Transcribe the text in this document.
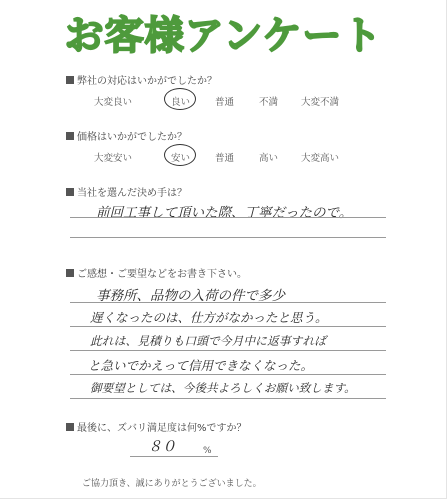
お客様アンケート
弊社の対応はいかがでしたか？
大変良い	良い	普通	不満 大変不満
価格はいかがでしたか？
大変安い	安い	普通	高い 大変高い
当社を選んだ決め手は？
前回工事して頂いた際、丁寧だったので。
ご感想・ご要望などをお書き下さい。
事務所、品物の入荷の件で多少
遅くなったのは、仕方がなかったと思う。
此れは、見積りも口頭で今月中に返事すれば
と急いでかえって信用できなくなった。
御要望としては、今後共よろしくお願い致します。
最後に、ズバリ満足度は何%ですか？
８０	%
ご協力頂き、誠にありがとうございました。
